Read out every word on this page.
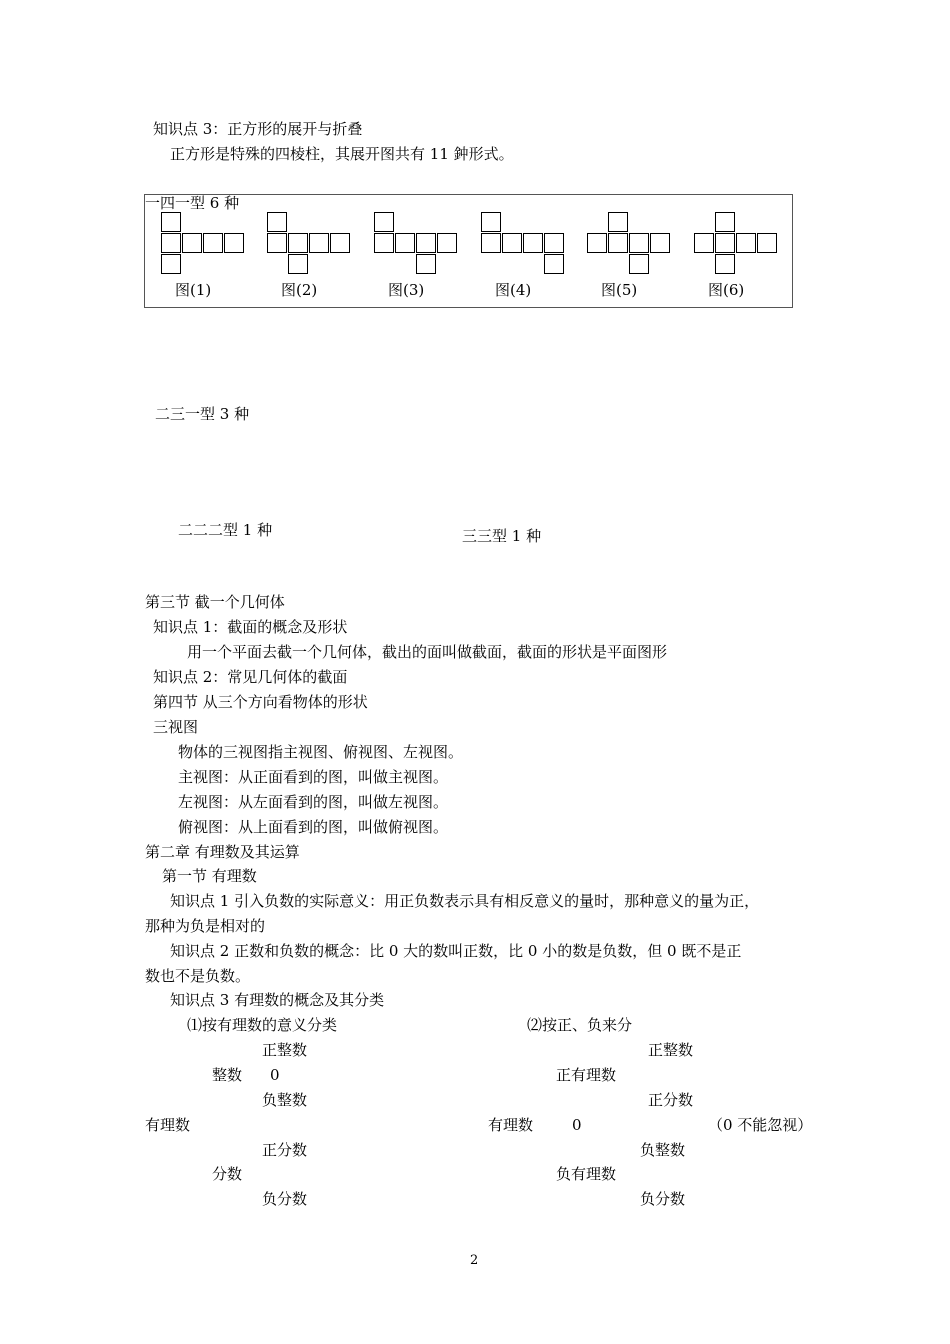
知识点 3：正方形的展开与折叠
正方形是特殊的四棱柱，其展开图共有 11 鈡形式。
一四一型 6 种
图(1)	图(2)	图(3)	图(4)	图(5)	图(6)
二三一型 3 种
二二二型 1 种	三三型 1 种
第三节 截一个几何体
知识点 1：截面的概念及形状
用一个平面去截一个几何体，截出的面叫做截面，截面的形状是平面图形
知识点 2：常见几何体的截面
第四节 从三个方向看物体的形状
三视图
物体的三视图指主视图、俯视图、左视图。
主视图：从正面看到的图，叫做主视图。
左视图：从左面看到的图，叫做左视图。
俯视图：从上面看到的图，叫做俯视图。
第二章 有理数及其运算
第一节 有理数
知识点 1 引入负数的实际意义：用正负数表示具有相反意义的量时，那种意义的量为正，
那种为负是相对的
知识点 2 正数和负数的概念：比 0 大的数叫正数，比 0 小的数是负数，但 0 既不是正
数也不是负数。
知识点 3 有理数的概念及其分类
⑴按有理数的意义分类
正整数
整数 0
负整数
有理数
正分数
分数
负分数
⑵按正、负来分
正整数
正有理数
正分数
有理数	0	（0 不能忽视）
负整数
负有理数
负分数
2
